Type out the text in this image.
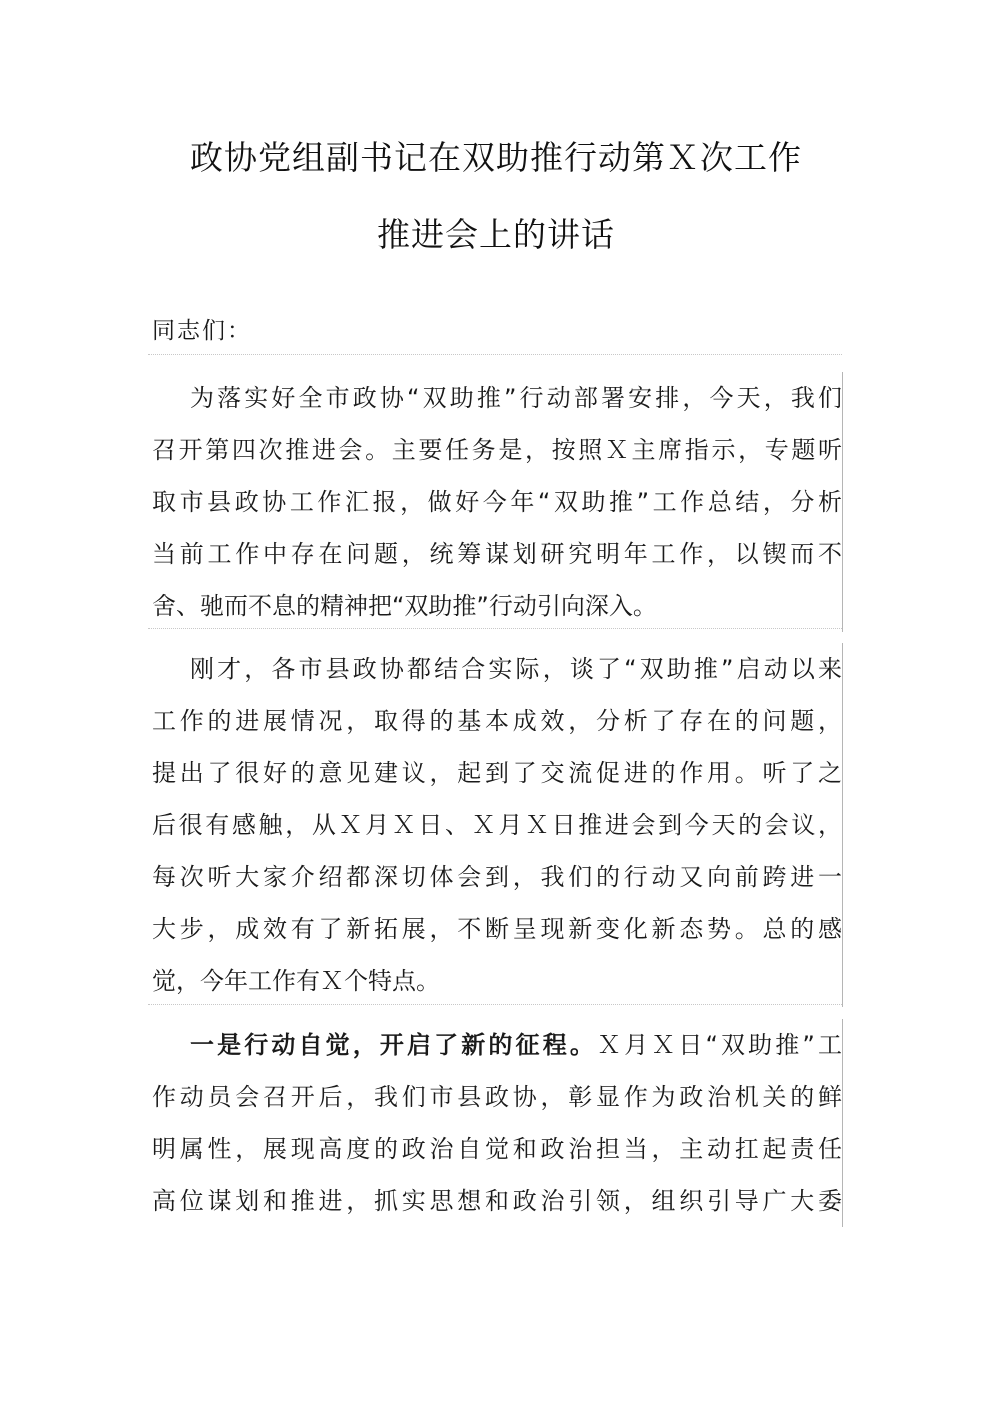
政协党组副书记在双助推行动第Ｘ次工作
推进会上的讲话
同志们：
为落实好全市政协“双助推”行动部署安排，今天，我们
召开第四次推进会。主要任务是，按照Ｘ主席指示，专题听
取市县政协工作汇报，做好今年“双助推”工作总结，分析
当前工作中存在问题，统筹谋划研究明年工作，以锲而不
舍、驰而不息的精神把“双助推”行动引向深入。
刚才，各市县政协都结合实际，谈了“双助推”启动以来
工作的进展情况，取得的基本成效，分析了存在的问题，
提出了很好的意见建议，起到了交流促进的作用。听了之
后很有感触，从Ｘ月Ｘ日、Ｘ月Ｘ日推进会到今天的会议，
每次听大家介绍都深切体会到，我们的行动又向前跨进一
大步，成效有了新拓展，不断呈现新变化新态势。总的感
觉，今年工作有Ｘ个特点。
一是行动自觉，开启了新的征程。Ｘ月Ｘ日“双助推”工
作动员会召开后，我们市县政协，彰显作为政治机关的鲜
明属性，展现高度的政治自觉和政治担当，主动扛起责任
高位谋划和推进，抓实思想和政治引领，组织引导广大委
